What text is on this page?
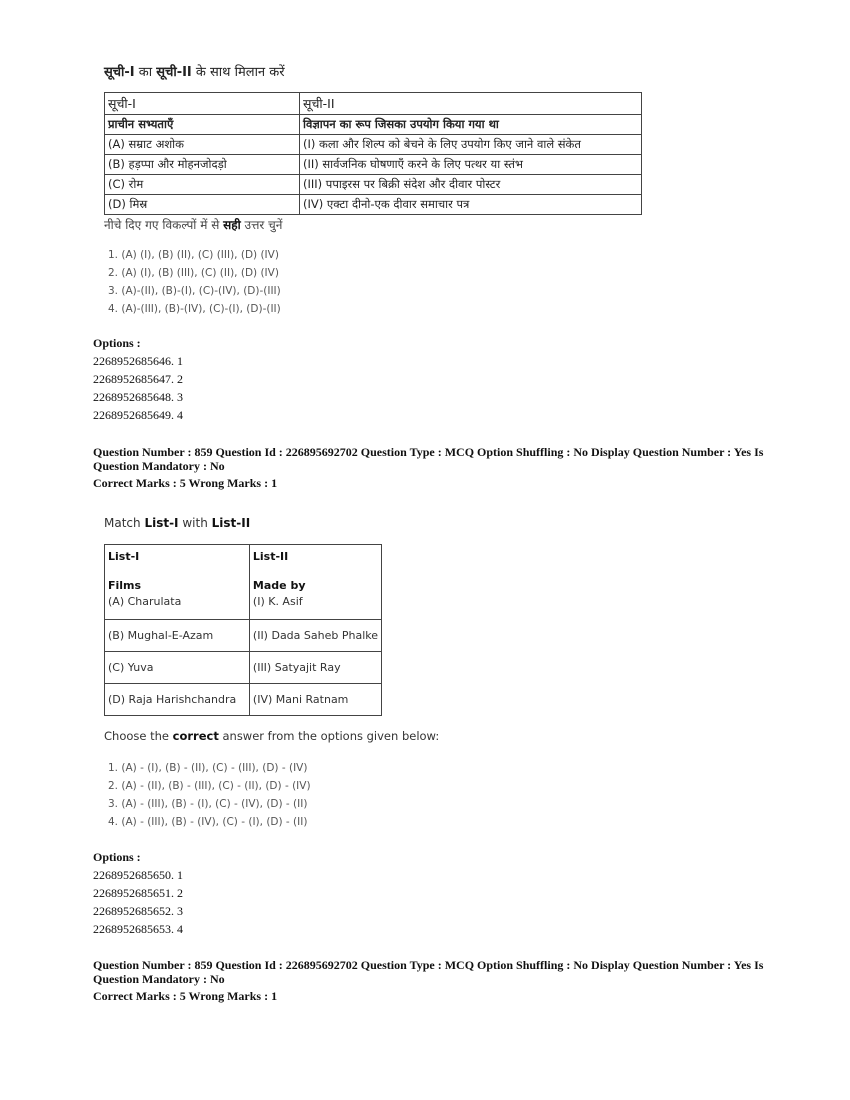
सूची-I का सूची-II के साथ मिलान करें
सूची-I	सूची-II
प्राचीन सभ्यताएँ	विज्ञापन का रूप जिसका उपयोग किया गया था
(A) सम्राट अशोक	(I) कला और शिल्प को बेचने के लिए उपयोग किए जाने वाले संकेत
(B) हड़प्पा और मोहनजोदड़ो	(II) सार्वजनिक घोषणाएँ करने के लिए पत्थर या स्तंभ
(C) रोम	(III) पपाइरस पर बिक्री संदेश और दीवार पोस्टर
(D) मिस्र	(IV) एक्टा दीनो-एक दीवार समाचार पत्र
नीचे दिए गए विकल्पों में से सही उत्तर चुनें
1. (A) (I), (B) (II), (C) (III), (D) (IV)
2. (A) (I), (B) (III), (C) (II), (D) (IV)
3. (A)-(II), (B)-(I), (C)-(IV), (D)-(III)
4. (A)-(III), (B)-(IV), (C)-(I), (D)-(II)
Options :
2268952685646. 1
2268952685647. 2
2268952685648. 3
2268952685649. 4
Question Number : 859 Question Id : 226895692702 Question Type : MCQ Option Shuffling : No Display Question Number : Yes Is Question Mandatory : No
Correct Marks : 5 Wrong Marks : 1
Match List-I with List-II
List-I	List-II
Films	Made by
(A) Charulata	(I) K. Asif
(B) Mughal-E-Azam	(II) Dada Saheb Phalke
(C) Yuva	(III) Satyajit Ray
(D) Raja Harishchandra	(IV) Mani Ratnam
Choose the correct answer from the options given below:
1. (A) - (I), (B) - (II), (C) - (III), (D) - (IV)
2. (A) - (II), (B) - (III), (C) - (II), (D) - (IV)
3. (A) - (III), (B) - (I), (C) - (IV), (D) - (II)
4. (A) - (III), (B) - (IV), (C) - (I), (D) - (II)
Options :
2268952685650. 1
2268952685651. 2
2268952685652. 3
2268952685653. 4
Question Number : 859 Question Id : 226895692702 Question Type : MCQ Option Shuffling : No Display Question Number : Yes Is Question Mandatory : No
Correct Marks : 5 Wrong Marks : 1
